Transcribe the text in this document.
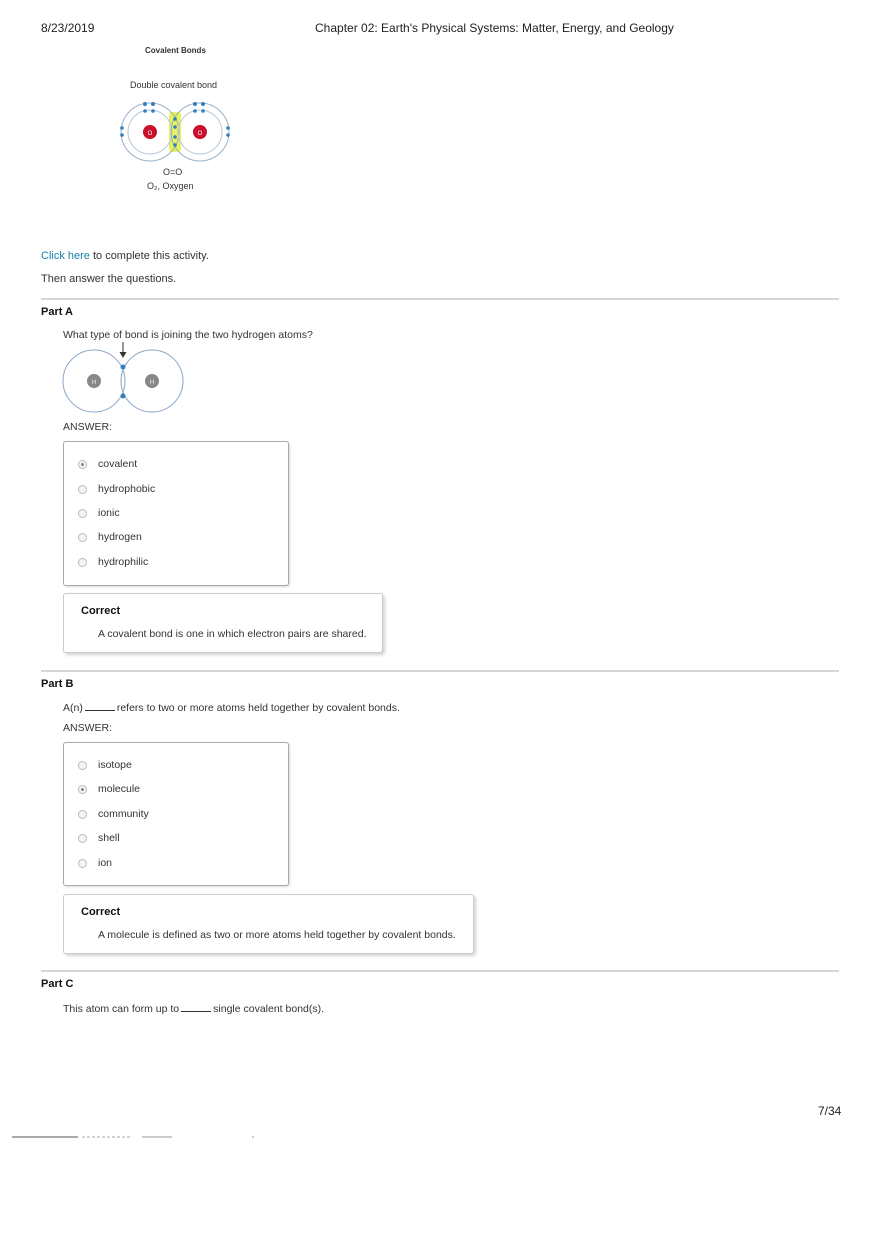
8/23/2019	Chapter 02: Earth's Physical Systems: Matter, Energy, and Geology
Covalent Bonds
Double covalent bond
O	O
O=O
O₂, Oxygen
Click here to complete this activity.
Then answer the questions.
Part A
What type of bond is joining the two hydrogen atoms?
H	H
ANSWER:
covalent
hydrophobic
ionic
hydrogen
hydrophilic
Correct
A covalent bond is one in which electron pairs are shared.
Part B
A(n)	refers to two or more atoms held together by covalent bonds.
ANSWER:
isotope
molecule
community
shell
ion
Correct
A molecule is defined as two or more atoms held together by covalent bonds.
Part C
This atom can form up to	single covalent bond(s).
7/34
